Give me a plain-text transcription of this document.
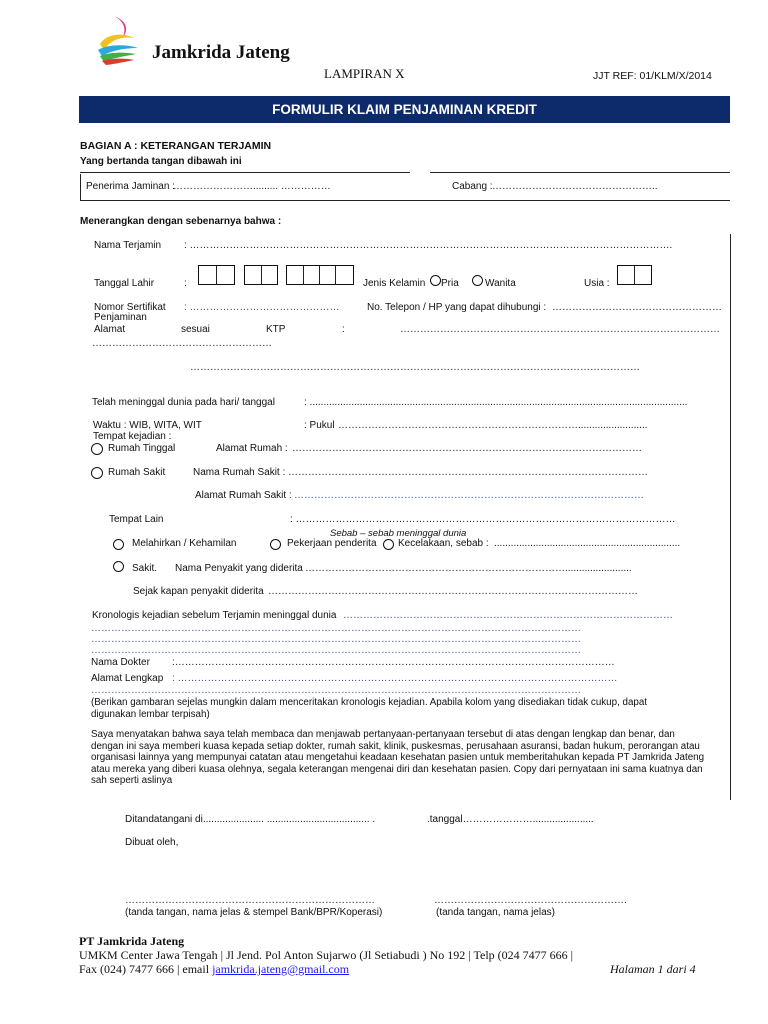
Jamkrida Jateng
LAMPIRAN X	JJT REF: 01/KLM/X/2014
FORMULIR KLAIM PENJAMINAN KREDIT
BAGIAN A : KETERANGAN TERJAMIN
Yang bertanda tangan dibawah ini
Penerima Jaminan :
……………………......... ……………	Cabang : …………………………………………..
Menerangkan dengan sebenarnya bahwa :
Nama Terjamin : ……………………………………………………………………………………………………………………………….
Tanggal Lahir	:	Jenis Kelamin Pria	Wanita	Usia :
Nomor Sertifikat
Penjaminan
: ………………………………………	No. Telepon / HP yang dapat dihubungi : ……………………………………………
Alamat	sesuai	KTP	:	……………………………………………………………………………………
………………………………………………
………………………………………………………………………………………………………………………
Telah meninggal dunia pada hari/ tanggal	: ........................................................................................................................................
Waktu : WIB, WITA, WIT	: Pukul ……………………………………………………………….........................
Tempat kejadian :
Rumah Tinggal	Alamat Rumah : ……………………………………………………………………………………………
Rumah Sakit	Nama Rumah Sakit : ………………………………………………………………………………………………
Alamat Rumah Sakit : ……………………………………………………………………………………………
Tempat Lain	: ……………………………………………………………………………………………………
Sebab – sebab meninggal dunia
Melahirkan / Kehamilan	Pekerjaan penderita Kecelakaan, sebab : ...................................................................
Sakit. Nama Penyakit yang diderita ……………………………………………………………………........................
Sejak kapan penyakit diderita …………………………………………………………………………………………………
Kronologis kejadian sebelum Terjamin meninggal dunia ………………………………………………………………………………………
…………………………………………………………………………………………………………………………………
…………………………………………………………………………………………………………………………………
…………………………………………………………………………………………………………………………………
Nama Dokter :……………………………………………………………………………………………………………………
Alamat Lengkap : ……………………………………………………………………………………………………………………
…………………………………………………………………………………………………………………………………
(Berikan gambaran sejelas mungkin dalam menceritakan kronologis kejadian. Apabila kolom yang disediakan tidak cukup, dapat digunakan lembar terpisah)
Saya menyatakan bahwa saya telah membaca dan menjawab pertanyaan-pertanyaan tersebut di atas dengan lengkap dan benar, dan dengan ini saya memberi kuasa kepada setiap dokter, rumah sakit, klinik, puskesmas, perusahaan asuransi, badan hukum, perorangan atau organisasi lainnya yang mempunyai catatan atau mengetahui keadaan kesehatan pasien untuk memberitahukan kepada PT Jamkrida Jateng atau mereka yang diberi kuasa olehnya, segala keterangan mengenai diri dan kesehatan pasien. Copy dari pernyataan ini sama kuatnya dan sah seperti aslinya
Ditandatangani di...................... ..................................... .	.tanggal…………………......................
Dibuat oleh,
…………………………………………………………………	………………………………………………….
(tanda tangan, nama jelas & stempel Bank/BPR/Koperasi)	(tanda tangan, nama jelas)
PT Jamkrida Jateng
UMKM Center Jawa Tengah | Jl Jend. Pol Anton Sujarwo (Jl Setiabudi ) No 192 | Telp (024 7477 666 |
Fax (024) 7477 666 | email jamkrida.jateng@gmail.com	Halaman 1 dari 4
